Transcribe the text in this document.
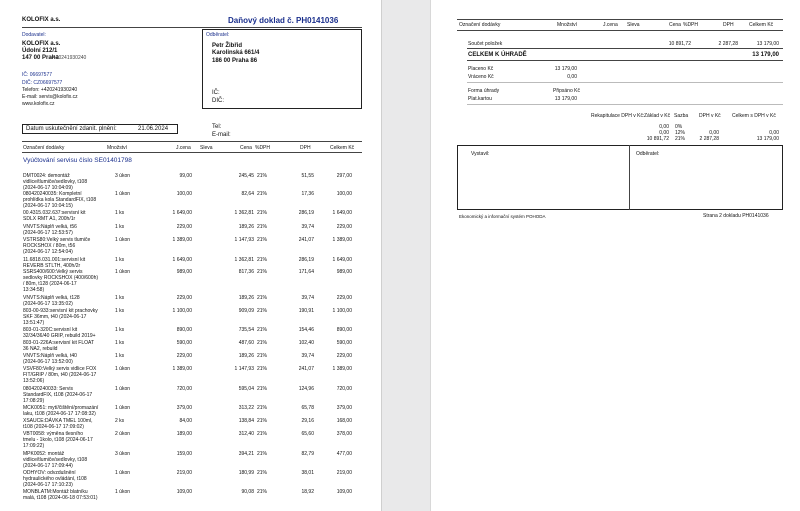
KOLOFIX a.s.	Daňový doklad č. PH0141036
Dodavatel:
KOLOFIX a.s.
Údolní 212/1
147 00 Praha
+420241930240
IČ: 06697577
DIČ: CZ06697577
Telefon: +420241930240
E-mail: servis@kolofix.cz
www.kolofix.cz
Odběratel:
Petr Žibřid
Karolinská 661/4
186 00 Praha 86
IČ:
DIČ:
Datum uskutečnění zdanit. plnění:	21.06.2024	Tel:
E-mail:
Označení dodávky	Množství	J.cena Sleva	Cena %DPH	DPH	Celkem Kč
Vyúčtování servisu číslo SE01401798
DMT0024: demontáž
vidlice/tlumiče/sedlovky, t108
(2024-06-17 10:04:09)
3 úkon	99,00	245,45 21%	51,55	297,00
080420240035: Kompletní
prohlídka kola StandardFIX, t108
(2024-06-17 10:04:15)
1 úkon	100,00	82,64 21%	17,36	100,00
00.4315.032.637:servisní kit
SDLX RMT A1, 200h/1r
1 ks	1 649,00	1 362,81 21%	286,19	1 649,00
VNVTS:Náplň velká, t56
(2024-06-17 12:53:57)
1 ks	229,00	189,26 21%	39,74	229,00
VSTRS80:Velký servis tlumiče
ROCKSHOX / 80m, t56
(2024-06-17 12:54:04)
1 úkon	1 389,00	1 147,93 21%	241,07	1 389,00
11.6818.031.001:servisní kit
REVERB STLTH, 400h/2r
1 ks	1 649,00	1 362,81 21%	286,19	1 649,00
SSRS400/600:Velký servis
sedlovky ROCKSHOX (400/600h)
/ 80m, t128 (2024-06-17
13:34:58)
1 úkon	989,00	817,36 21%	171,64	989,00
VNVTS:Náplň velká, t128
(2024-06-17 13:35:02)
1 ks	229,00	189,26 21%	39,74	229,00
803-00-933:servisní kit prachovky
SKF 36mm, t40 (2024-06-17
13:51:47)
1 ks	1 100,00	909,09 21%	190,91	1 100,00
803-01-320C:servisní kit
32/34/36/40 GRIP, rebuild 2019+
1 ks	890,00	735,54 21%	154,46	890,00
803-01-226A:servisní kit FLOAT
36 NA2, rebuild
1 ks	590,00	487,60 21%	102,40	590,00
VNVTS:Náplň velká, t40
(2024-06-17 13:52:00)
1 ks	229,00	189,26 21%	39,74	229,00
VSVF80:Velký servis vidlice FOX
FIT/GRIP / 80m, t40 (2024-06-17
13:52:06)
1 úkon	1 389,00	1 147,93 21%	241,07	1 389,00
080420240033: Servis
StandardFIX, t108 (2024-06-17
17:08:29)
1 úkon	720,00	595,04 21%	124,96	720,00
MCK0051: mytí/čištění/promazání
laku, t108 (2024-06-17 17:08:32)
1 úkon	379,00	313,22 21%	65,78	379,00
XSAUCE:DÁVKA TMEL 100ml,
t108 (2024-06-17 17:09:02)
2 ks	84,00	138,84 21%	29,16	168,00
VBT0058: výměna tlesního
tmelu - 1kolo, t108 (2024-06-17
17:09:22)
2 úkon	189,00	312,40 21%	65,60	378,00
MPK0052: montáž
vidlice/tlumiče/sedlovky, t108
(2024-06-17 17:09:44)
3 úkon	159,00	394,21 21%	82,79	477,00
ODHYOV: odvzdušnění
hydraulického ovládání, t108
(2024-06-17 17:10:23)
1 úkon	219,00	180,99 21%	38,01	219,00
MONBLATM:Montáž blatníku
malá, t108 (2024-06-18 07:53:01)
1 úkon	109,00	90,08 21%	18,92	109,00
Označení dodávky	Množství	J.cena Sleva	Cena %DPH	DPH	Celkem Kč
Součet položek	10 891,72	2 287,28	13 179,00
CELKEM K ÚHRADĚ	13 179,00
Placeno Kč	13 179,00
Vráceno Kč	0,00
Forma úhrady	Připsáno Kč
Plat.kartou	13 179,00
Rekapitulace DPH v Kč: Základ v Kč Sazba DPH v Kč Celkem s DPH v Kč
0,00 0%
0,00 12%	0,00	0,00
10 891,72 21%	2 287,28	13 179,00
Vystavil:	Odběratel:
Ekonomický a informační systém POHODA	Strana 2 dokladu PH0141036
